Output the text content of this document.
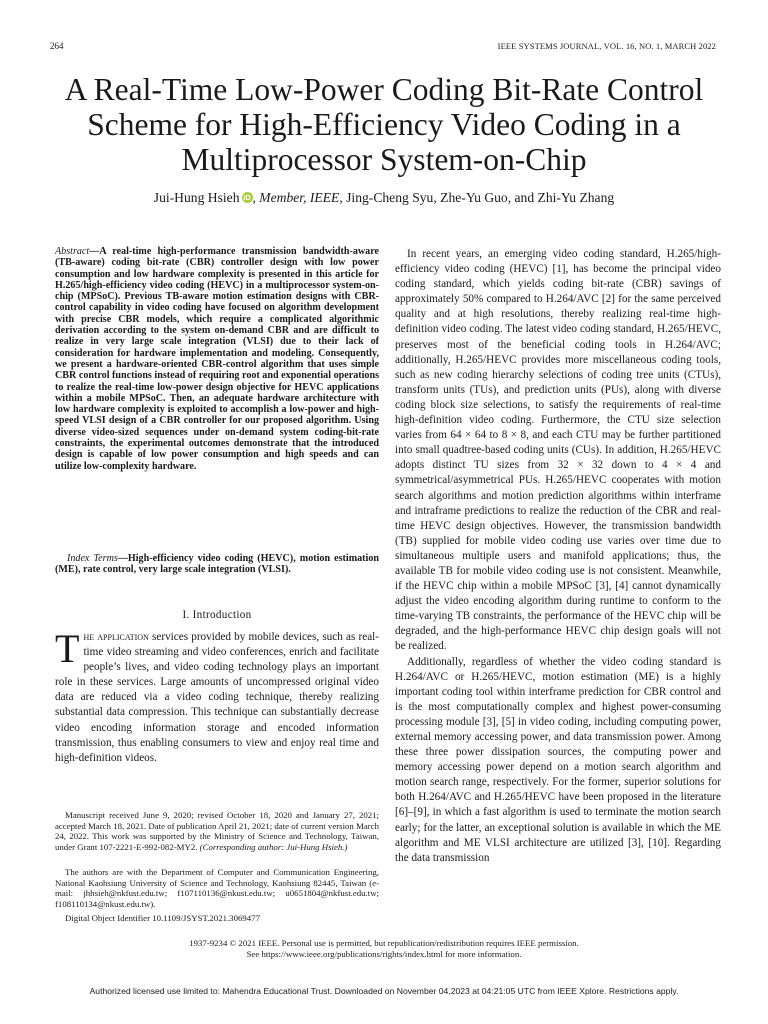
264	IEEE SYSTEMS JOURNAL, VOL. 16, NO. 1, MARCH 2022
A Real-Time Low-Power Coding Bit-Rate Control
Scheme for High-Efficiency Video Coding in a
Multiprocessor System-on-Chip
Jui-Hung Hsieh iD , Member, IEEE, Jing-Cheng Syu, Zhe-Yu Guo, and Zhi-Yu Zhang
Abstract—A real-time high-performance transmission bandwidth-aware (TB-aware) coding bit-rate (CBR) controller design with low power consumption and low hardware complexity is presented in this article for H.265/high-efficiency video coding (HEVC) in a multiprocessor system-on-chip (MPSoC). Previous TB-aware motion estimation designs with CBR-control capability in video coding have focused on algorithm development with precise CBR models, which require a complicated algorithmic derivation according to the system on-demand CBR and are difficult to realize in very large scale integration (VLSI) due to their lack of consideration for hardware implementation and modeling. Consequently, we present a hardware-oriented CBR-control algorithm that uses simple CBR control functions instead of requiring root and exponential operations to realize the real-time low-power design objective for HEVC applications within a mobile MPSoC. Then, an adequate hardware architecture with low hardware complexity is exploited to accomplish a low-power and high-speed VLSI design of a CBR controller for our proposed algorithm. Using diverse video-sized sequences under on-demand system coding-bit-rate constraints, the experimental outcomes demonstrate that the introduced design is capable of low power consumption and high speeds and can utilize low-complexity hardware.
Index Terms—High-efficiency video coding (HEVC), motion estimation (ME), rate control, very large scale integration (VLSI).
I. Introduction
The application services provided by mobile devices, such as real-time video streaming and video conferences, enrich and facilitate people’s lives, and video coding technology plays an important role in these services. Large amounts of uncompressed original video data are reduced via a video coding technique, thereby realizing substantial data compression. This technique can substantially decrease video encoding information storage and encoded information transmission, thus enabling consumers to view and enjoy real time and high-definition videos.
Manuscript received June 9, 2020; revised October 18, 2020 and January 27, 2021; accepted March 18, 2021. Date of publication April 21, 2021; date of current version March 24, 2022. This work was supported by the Ministry of Science and Technology, Taiwan, under Grant 107-2221-E-992-082-MY2. (Corresponding author: Jui-Hung Hsieh.)
The authors are with the Department of Computer and Communication Engineering, National Kaohsiung University of Science and Technology, Kaohsiung 82445, Taiwan (e-mail: jhhsieh@nkfust.edu.tw; f107110136@nkust.edu.tw; u0651804@nkfust.edu.tw; f108110134@nkust.edu.tw).
Digital Object Identifier 10.1109/JSYST.2021.3069477

In recent years, an emerging video coding standard, H.265/high-efficiency video coding (HEVC) [1], has become the principal video coding standard, which yields coding bit-rate (CBR) savings of approximately 50% compared to H.264/AVC [2] for the same perceived quality and at high resolutions, thereby realizing real-time high-definition video coding. The latest video coding standard, H.265/HEVC, preserves most of the beneficial coding tools in H.264/AVC; additionally, H.265/HEVC provides more miscellaneous coding tools, such as new coding hierarchy selections of coding tree units (CTUs), transform units (TUs), and prediction units (PUs), along with diverse coding block size selections, to satisfy the requirements of real-time high-definition video coding. Furthermore, the CTU size selection varies from 64 × 64 to 8 × 8, and each CTU may be further partitioned into small quadtree-based coding units (CUs). In addition, H.265/HEVC adopts distinct TU sizes from 32 × 32 down to 4 × 4 and symmetrical/asymmetrical PUs. H.265/HEVC cooperates with motion search algorithms and motion prediction algorithms within interframe and intraframe predictions to realize the reduction of the CBR and real-time HEVC design objectives. However, the transmission bandwidth (TB) supplied for mobile video coding use varies over time due to simultaneous multiple users and manifold applications; thus, the available TB for mobile video coding use is not consistent. Meanwhile, if the HEVC chip within a mobile MPSoC [3], [4] cannot dynamically adjust the video encoding algorithm during runtime to conform to the time-varying TB constraints, the performance of the HEVC chip will be degraded, and the high-performance HEVC chip design goals will not be realized.

Additionally, regardless of whether the video coding standard is H.264/AVC or H.265/HEVC, motion estimation (ME) is a highly important coding tool within interframe prediction for CBR control and is the most computationally complex and highest power-consuming processing module [3], [5] in video coding, including computing power, external memory accessing power, and data transmission power. Among these three power dissipation sources, the computing power and memory accessing power depend on a motion search algorithm and motion search range, respectively. For the former, superior solutions for both H.264/AVC and H.265/HEVC have been proposed in the literature [6]–[9], in which a fast algorithm is used to terminate the motion search early; for the latter, an exceptional solution is available in which the ME algorithm and ME VLSI architecture are utilized [3], [10]. Regarding the data transmission

1937-9234 © 2021 IEEE. Personal use is permitted, but republication/redistribution requires IEEE permission.
See https://www.ieee.org/publications/rights/index.html for more information.
Authorized licensed use limited to: Mahendra Educational Trust. Downloaded on November 04,2023 at 04:21:05 UTC from IEEE Xplore. Restrictions apply.
